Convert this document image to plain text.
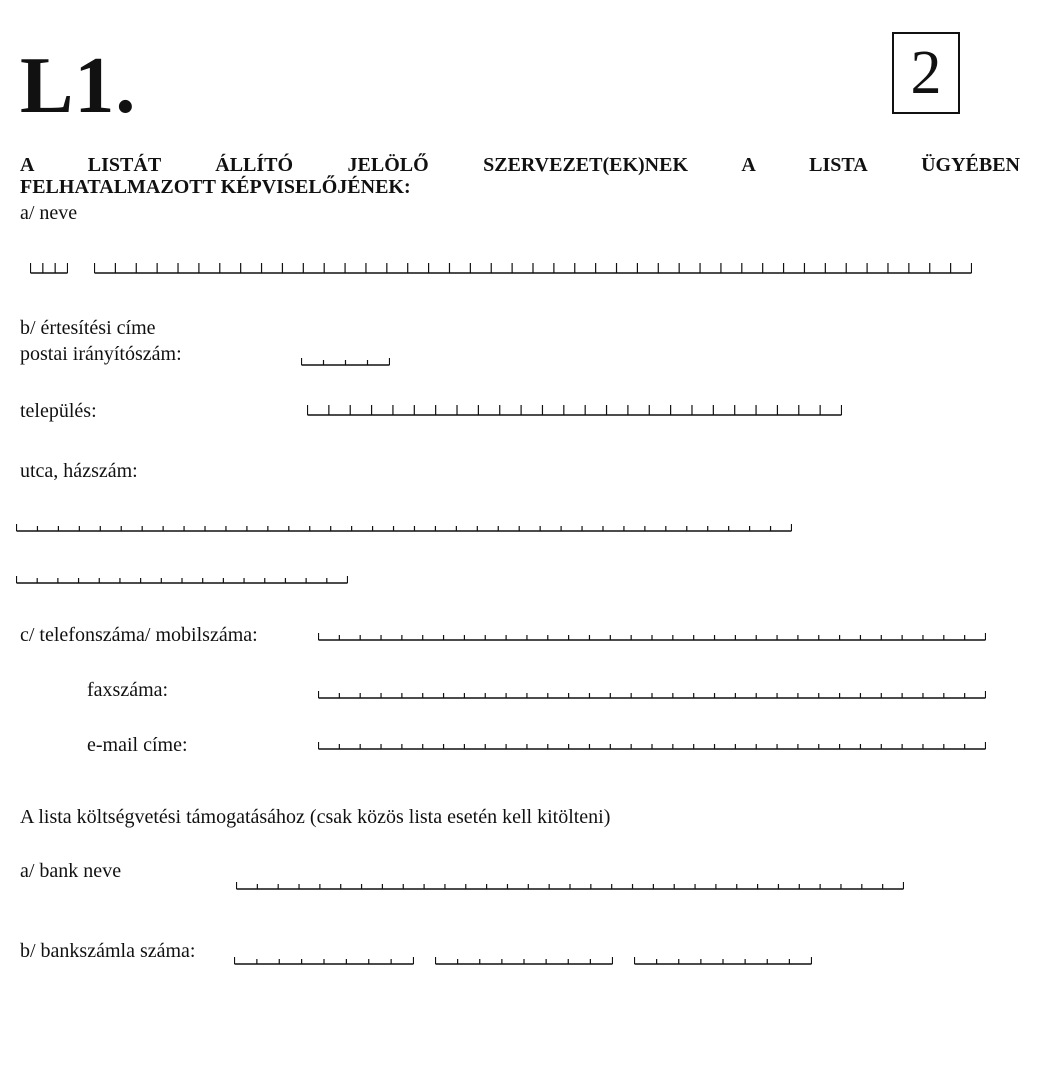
L1.	2
A LISTÁT ÁLLÍTÓ JELÖLŐ SZERVEZET(EK)NEK A LISTA ÜGYÉBEN
FELHATALMAZOTT KÉPVISELŐJÉNEK:
a/ neve
b/ értesítési címe
postai irányítószám:
település:
utca, házszám:
c/ telefonszáma/ mobilszáma:
faxszáma:
e-mail címe:
A lista költségvetési támogatásához (csak közös lista esetén kell kitölteni)
a/ bank neve
b/ bankszámla száma:
